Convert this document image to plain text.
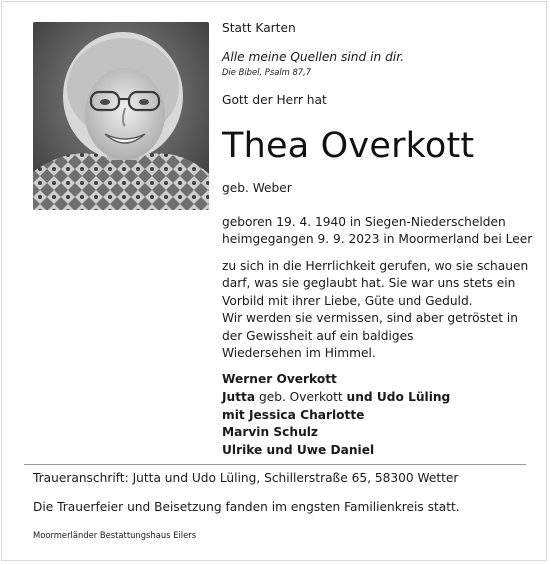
Statt Karten
Alle meine Quellen sind in dir.
Die Bibel, Psalm 87,7
Gott der Herr hat
Thea Overkott
geb. Weber
geboren 19. 4. 1940 in Siegen-Niederschelden
heimgegangen 9. 9. 2023 in Moormerland bei Leer
zu sich in die Herrlichkeit gerufen, wo sie schauen
darf, was sie geglaubt hat. Sie war uns stets ein
Vorbild mit ihrer Liebe, Güte und Geduld.
Wir werden sie vermissen, sind aber getröstet in
der Gewissheit auf ein baldiges
Wiedersehen im Himmel.
Werner Overkott
Jutta geb. Overkott und Udo Lüling
mit Jessica Charlotte
Marvin Schulz
Ulrike und Uwe Daniel
Traueranschrift: Jutta und Udo Lüling, Schillerstraße 65, 58300 Wetter
Die Trauerfeier und Beisetzung fanden im engsten Familienkreis statt.
Moormerländer Bestattungshaus Eilers
